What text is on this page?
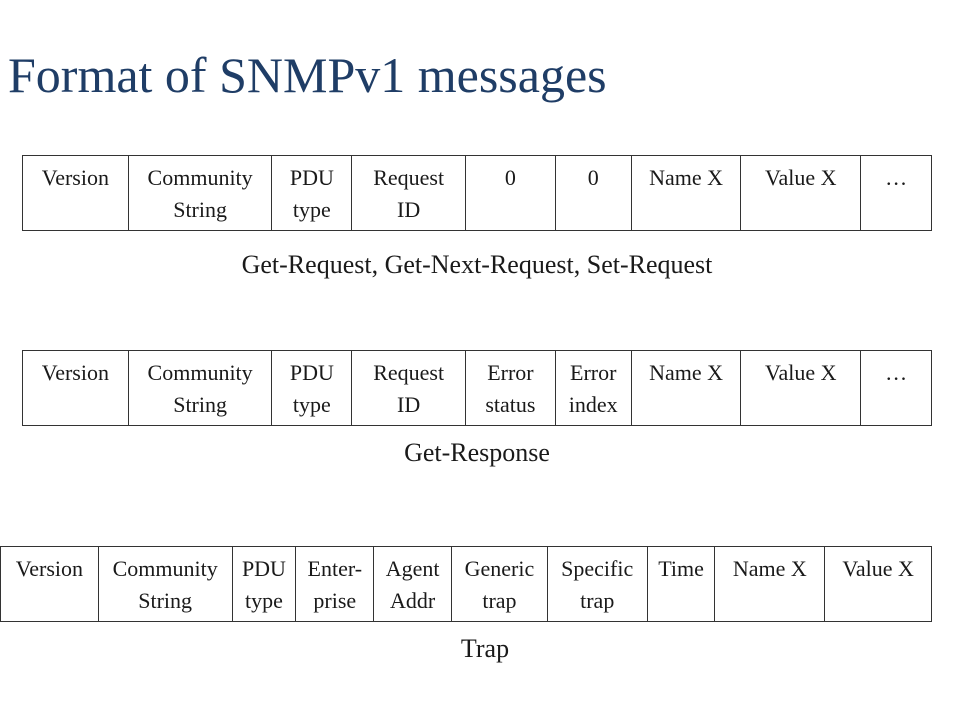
Format of SNMPv1 messages
Version Community
String
PDU
type
Request
ID
0	0 Name X Value X …
Get-Request, Get-Next-Request, Set-Request
Version Community
String
PDU
type
Request
ID
Error
status
Error
index
Name X Value X …
Get-Response
Version Community
String
PDU
type
Enter-
prise
Agent
Addr
Generic
trap
Specific
trap
Time Name X Value X
Trap
